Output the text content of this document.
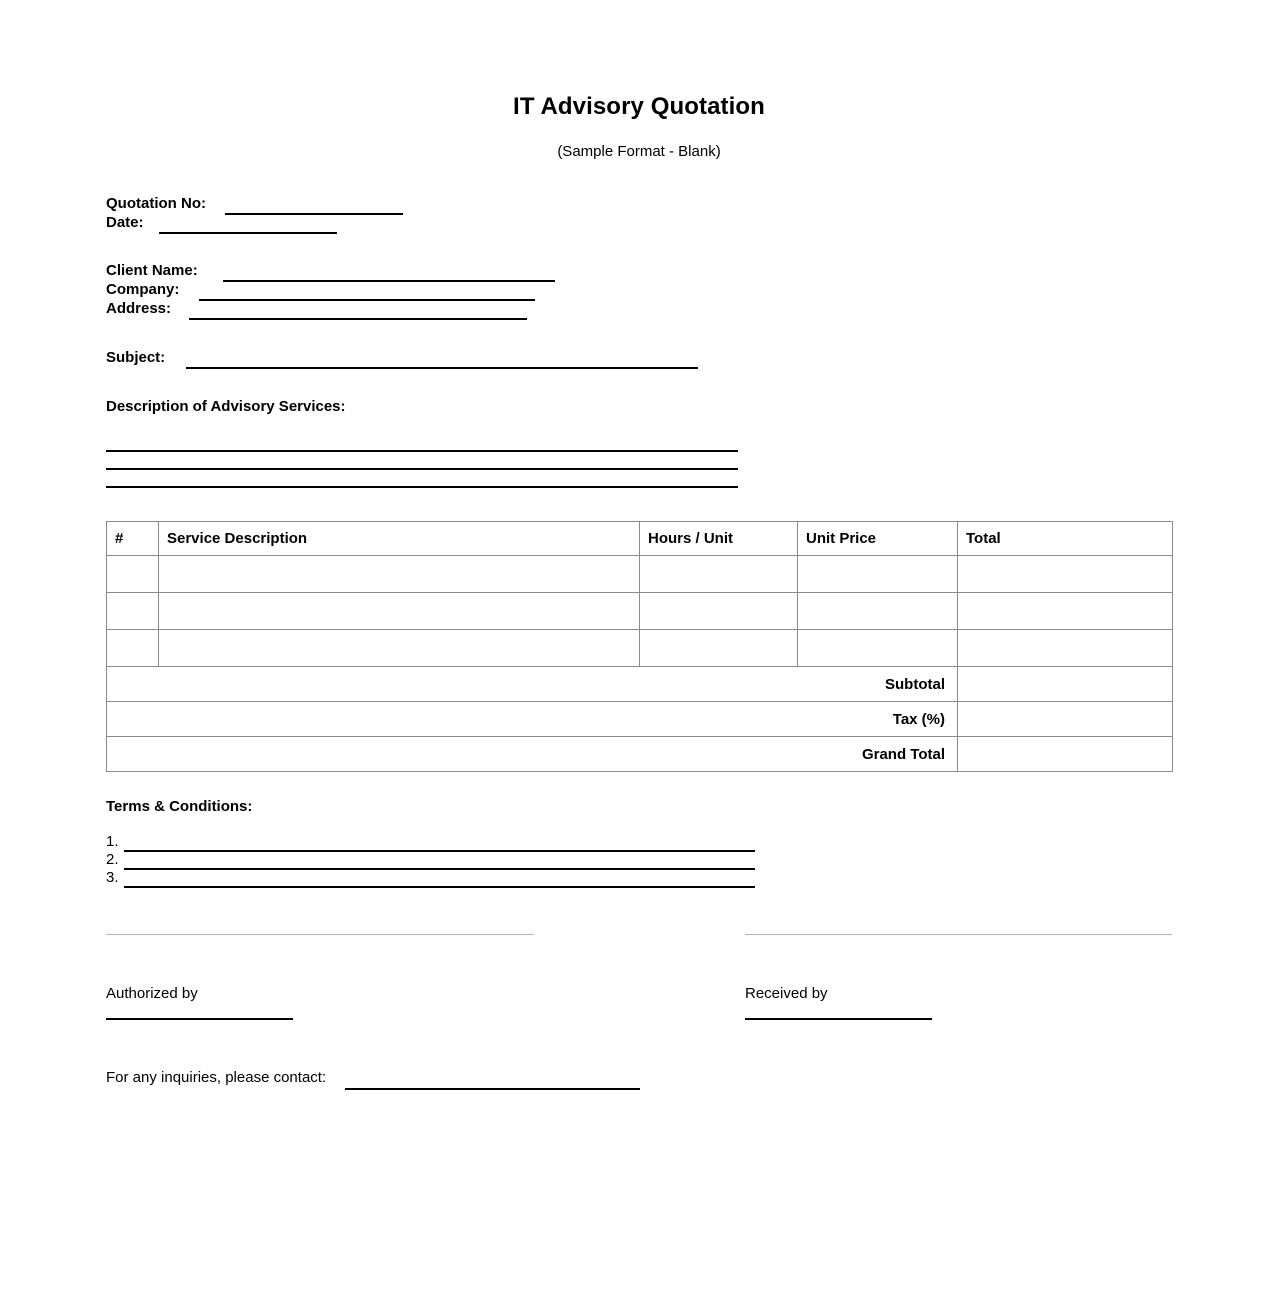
IT Advisory Quotation
(Sample Format - Blank)
Quotation No:
Date:
Client Name:
Company:
Address:
Subject:
Description of Advisory Services:
#	Service Description	Hours / Unit	Unit Price	Total

Subtotal				
Tax (%)				
Grand Total				
Terms & Conditions:
1.
2.
3.
Authorized by	Received by
For any inquiries, please contact:
